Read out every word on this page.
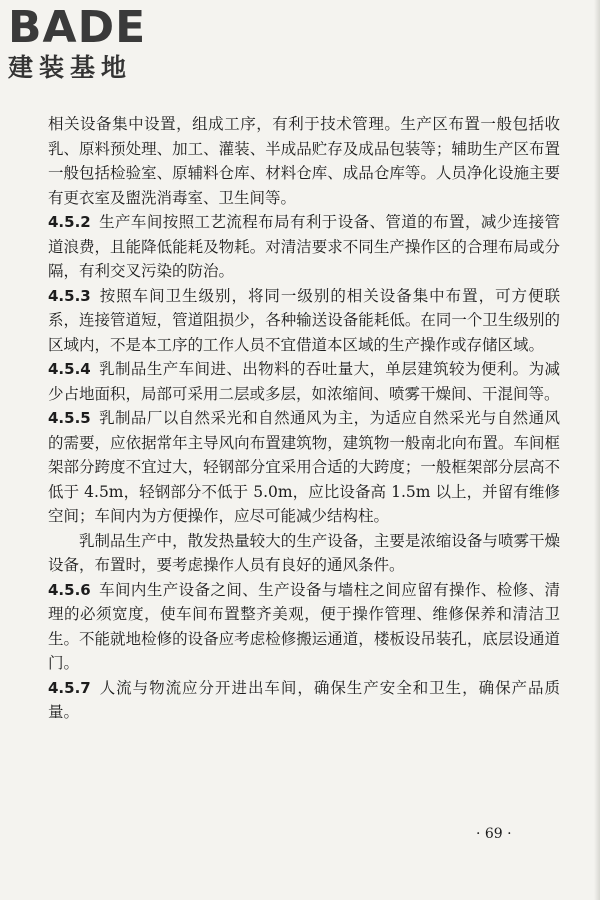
BADE
建装基地

相关设备集中设置，组成工序，有利于技术管理。生产区布置一般包括收乳、原料预处理、加工、灌装、半成品贮存及成品包装等；辅助生产区布置一般包括检验室、原辅料仓库、材料仓库、成品仓库等。人员净化设施主要有更衣室及盥洗消毒室、卫生间等。

4.5.2 生产车间按照工艺流程布局有利于设备、管道的布置，减少连接管道浪费，且能降低能耗及物耗。对清洁要求不同生产操作区的合理布局或分隔，有利交叉污染的防治。

4.5.3 按照车间卫生级别，将同一级别的相关设备集中布置，可方便联系，连接管道短，管道阻损少，各种输送设备能耗低。在同一个卫生级别的区域内，不是本工序的工作人员不宜借道本区域的生产操作或存储区域。

4.5.4 乳制品生产车间进、出物料的吞吐量大，单层建筑较为便利。为减少占地面积，局部可采用二层或多层，如浓缩间、喷雾干燥间、干混间等。

4.5.5 乳制品厂以自然采光和自然通风为主，为适应自然采光与自然通风的需要，应依据常年主导风向布置建筑物，建筑物一般南北向布置。车间框架部分跨度不宜过大，轻钢部分宜采用合适的大跨度；一般框架部分层高不低于 4.5m，轻钢部分不低于 5.0m，应比设备高 1.5m 以上，并留有维修空间；车间内为方便操作，应尽可能减少结构柱。

乳制品生产中，散发热量较大的生产设备，主要是浓缩设备与喷雾干燥设备，布置时，要考虑操作人员有良好的通风条件。

4.5.6 车间内生产设备之间、生产设备与墙柱之间应留有操作、检修、清理的必须宽度，使车间布置整齐美观，便于操作管理、维修保养和清洁卫生。不能就地检修的设备应考虑检修搬运通道，楼板设吊装孔，底层设通道门。

4.5.7 人流与物流应分开进出车间，确保生产安全和卫生，确保产品质量。

· 69 ·
